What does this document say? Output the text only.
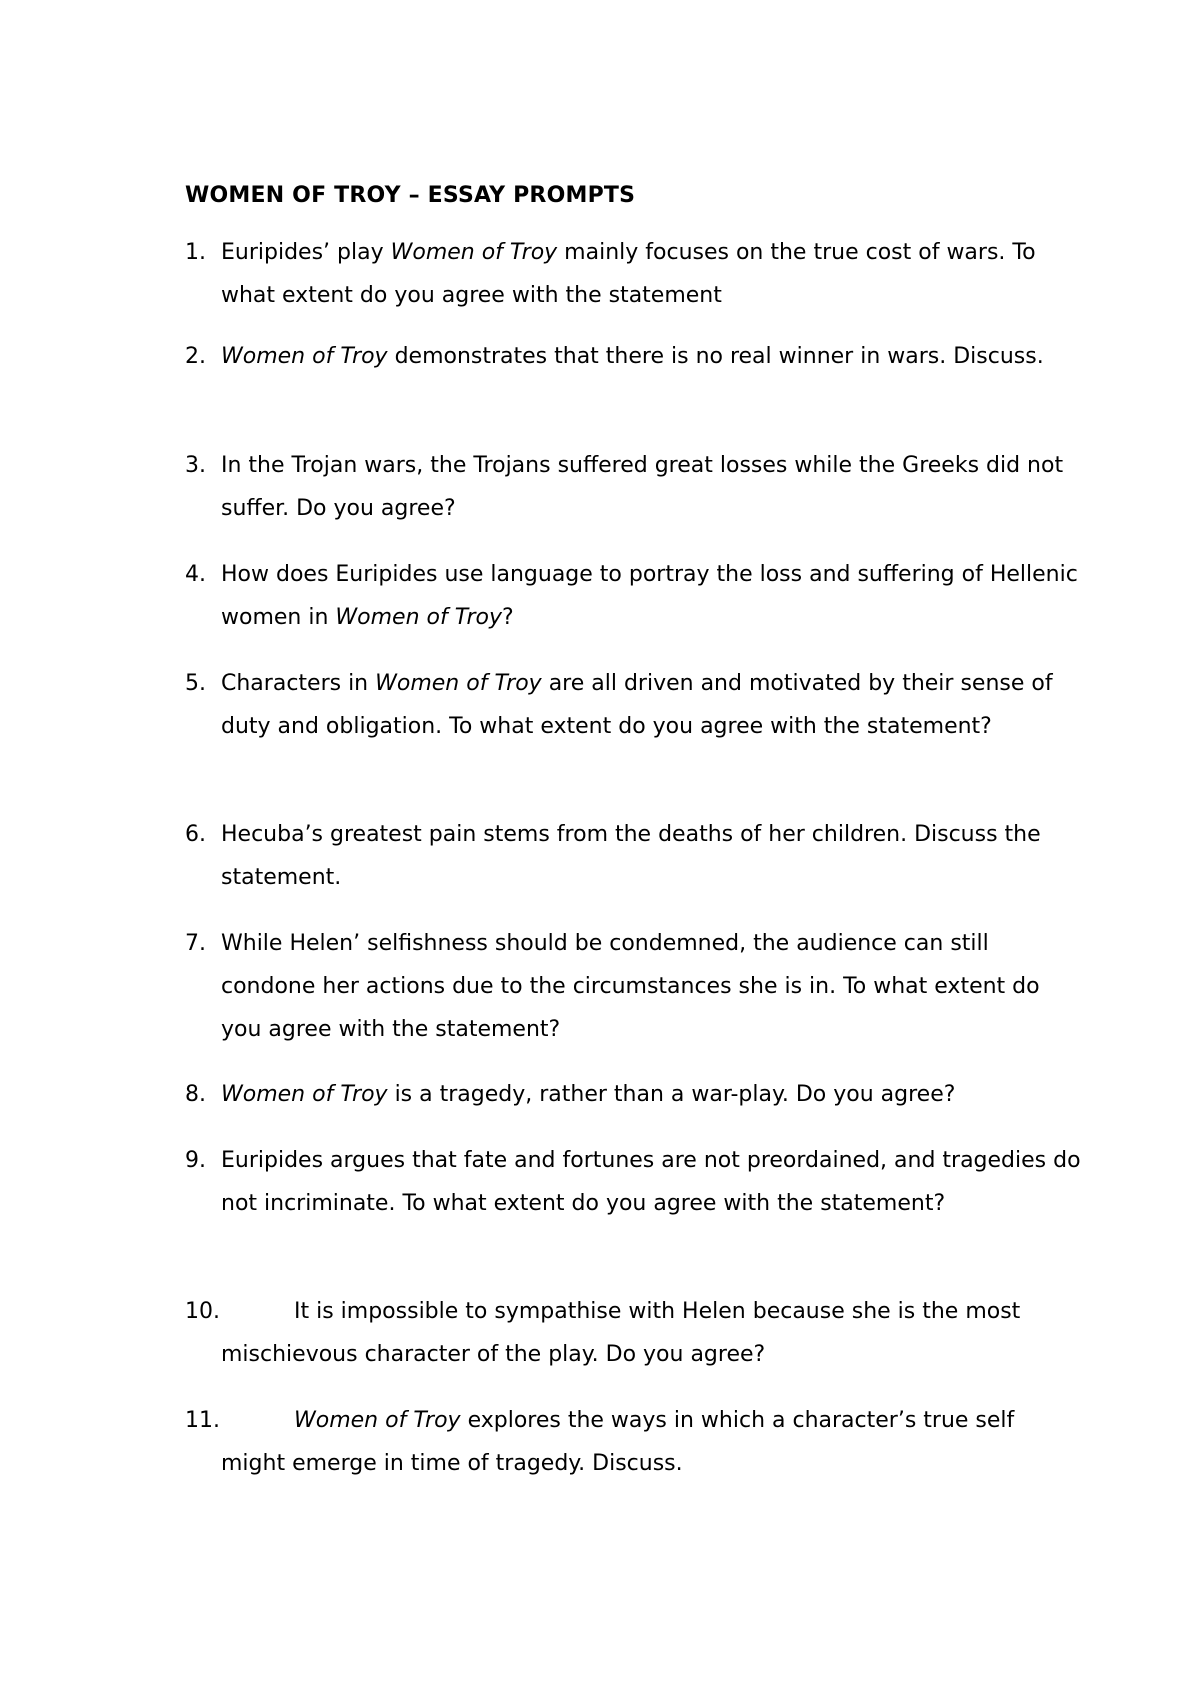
WOMEN OF TROY – ESSAY PROMPTS
1. Euripides’ play Women of Troy mainly focuses on the true cost of wars. To what extent do you agree with the statement
2. Women of Troy demonstrates that there is no real winner in wars. Discuss.
3. In the Trojan wars, the Trojans suffered great losses while the Greeks did not suffer. Do you agree?
4. How does Euripides use language to portray the loss and suffering of Hellenic women in Women of Troy?
5. Characters in Women of Troy are all driven and motivated by their sense of duty and obligation. To what extent do you agree with the statement?
6. Hecuba’s greatest pain stems from the deaths of her children. Discuss the statement.
7. While Helen’ selfishness should be condemned, the audience can still condone her actions due to the circumstances she is in. To what extent do you agree with the statement?
8. Women of Troy is a tragedy, rather than a war-play. Do you agree?
9. Euripides argues that fate and fortunes are not preordained, and tragedies do not incriminate. To what extent do you agree with the statement?
10.	It is impossible to sympathise with Helen because she is the most mischievous character of the play. Do you agree?
11.	Women of Troy explores the ways in which a character’s true self might emerge in time of tragedy. Discuss.
